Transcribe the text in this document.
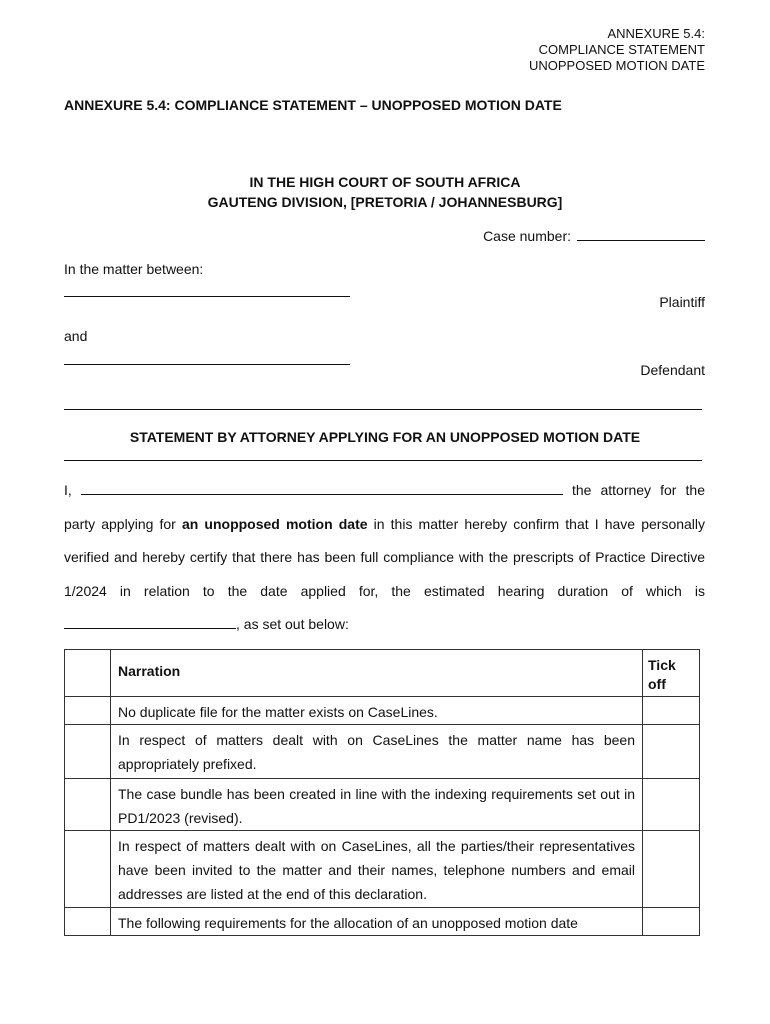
ANNEXURE 5.4:
COMPLIANCE STATEMENT
UNOPPOSED MOTION DATE
ANNEXURE 5.4: COMPLIANCE STATEMENT – UNOPPOSED MOTION DATE
IN THE HIGH COURT OF SOUTH AFRICA
GAUTENG DIVISION, [PRETORIA / JOHANNESBURG]
Case number:
In the matter between:
Plaintiff
and
Defendant
STATEMENT BY ATTORNEY APPLYING FOR AN UNOPPOSED MOTION DATE
I,	the attorney for the party applying for an unopposed motion date in this matter hereby confirm that I have personally verified and hereby certify that there has been full compliance with the prescripts of Practice Directive 1/2024 in relation to the date applied for, the estimated hearing duration of which is , as set out below:

	Narration	Tick off

	No duplicate file for the matter exists on CaseLines.	
	In respect of matters dealt with on CaseLines the matter name has been appropriately prefixed.	
	The case bundle has been created in line with the indexing requirements set out in PD1/2023 (revised).	
	In respect of matters dealt with on CaseLines, all the parties/their representatives have been invited to the matter and their names, telephone numbers and email addresses are listed at the end of this declaration.	
	The following requirements for the allocation of an unopposed motion date	
